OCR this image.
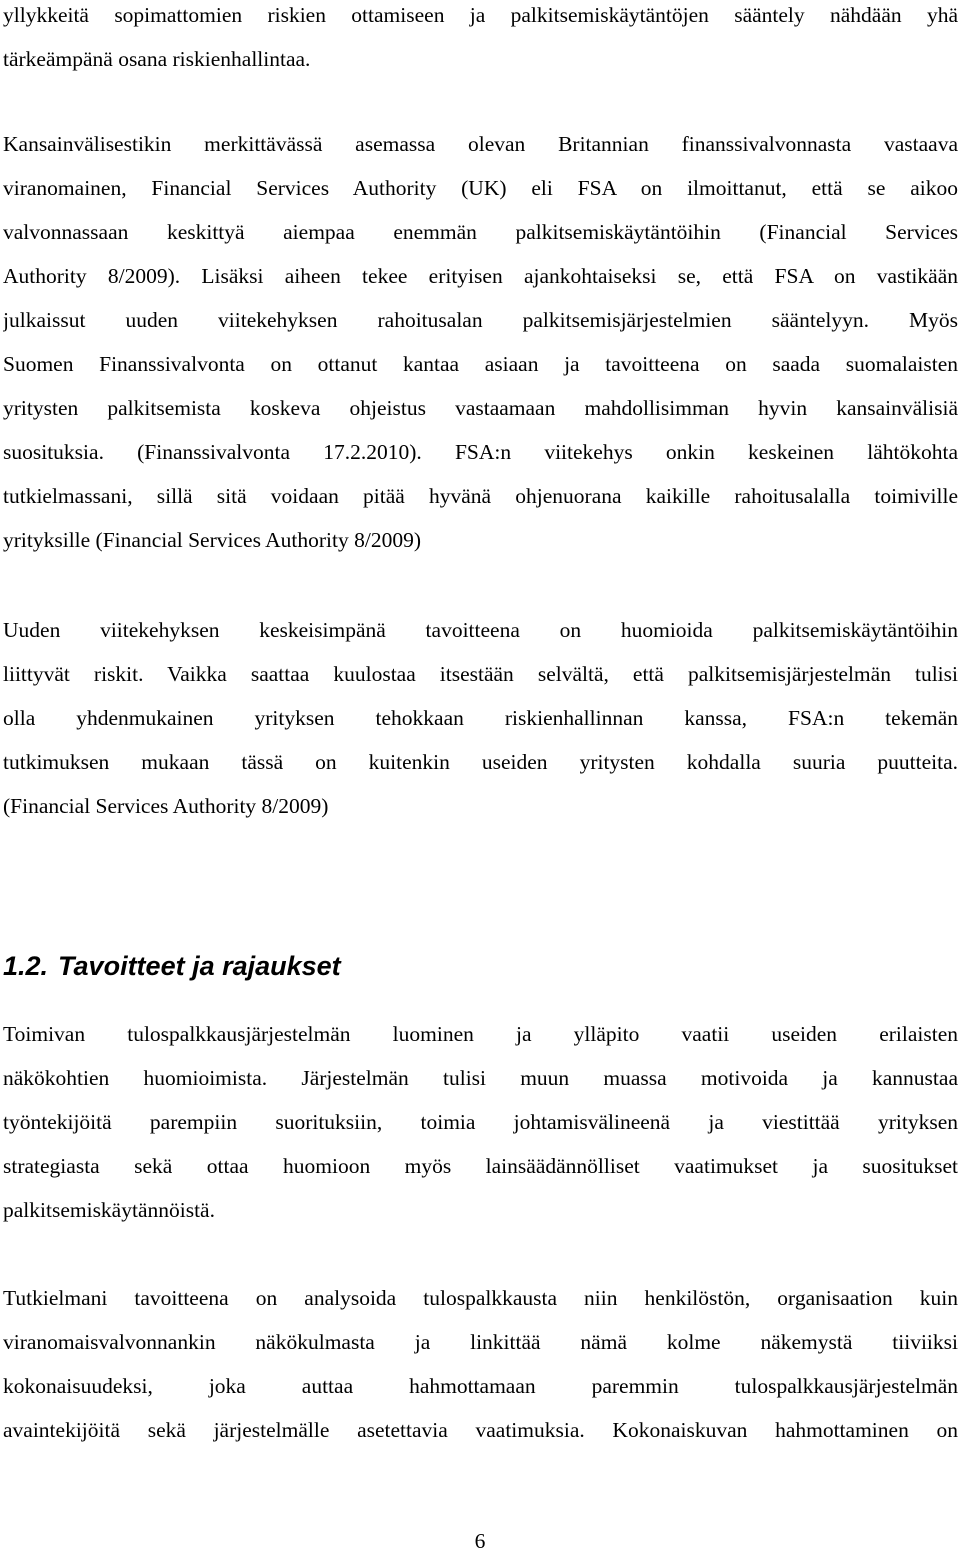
yllykkeitä sopimattomien riskien ottamiseen ja palkitsemiskäytäntöjen sääntely nähdään yhä
tärkeämpänä osana riskienhallintaa.
Kansainvälisestikin merkittävässä asemassa olevan Britannian finanssivalvonnasta vastaava
viranomainen, Financial Services Authority (UK) eli FSA on ilmoittanut, että se aikoo
valvonnassaan keskittyä aiempaa enemmän palkitsemiskäytäntöihin (Financial Services
Authority 8/2009). Lisäksi aiheen tekee erityisen ajankohtaiseksi se, että FSA on vastikään
julkaissut uuden viitekehyksen rahoitusalan palkitsemisjärjestelmien sääntelyyn. Myös
Suomen Finanssivalvonta on ottanut kantaa asiaan ja tavoitteena on saada suomalaisten
yritysten palkitsemista koskeva ohjeistus vastaamaan mahdollisimman hyvin kansainvälisiä
suosituksia. (Finanssivalvonta 17.2.2010). FSA:n viitekehys onkin keskeinen lähtökohta
tutkielmassani, sillä sitä voidaan pitää hyvänä ohjenuorana kaikille rahoitusalalla toimiville
yrityksille (Financial Services Authority 8/2009)
Uuden viitekehyksen keskeisimpänä tavoitteena on huomioida palkitsemiskäytäntöihin
liittyvät riskit. Vaikka saattaa kuulostaa itsestään selvältä, että palkitsemisjärjestelmän tulisi
olla yhdenmukainen yrityksen tehokkaan riskienhallinnan kanssa, FSA:n tekemän
tutkimuksen mukaan tässä on kuitenkin useiden yritysten kohdalla suuria puutteita.
(Financial Services Authority 8/2009)
1.2. Tavoitteet ja rajaukset
Toimivan tulospalkkausjärjestelmän luominen ja ylläpito vaatii useiden erilaisten
näkökohtien huomioimista. Järjestelmän tulisi muun muassa motivoida ja kannustaa
työntekijöitä parempiin suorituksiin, toimia johtamisvälineenä ja viestittää yrityksen
strategiasta sekä ottaa huomioon myös lainsäädännölliset vaatimukset ja suositukset
palkitsemiskäytännöistä.
Tutkielmani tavoitteena on analysoida tulospalkkausta niin henkilöstön, organisaation kuin
viranomaisvalvonnankin näkökulmasta ja linkittää nämä kolme näkemystä tiiviiksi
kokonaisuudeksi, joka auttaa hahmottamaan paremmin tulospalkkausjärjestelmän
avaintekijöitä sekä järjestelmälle asetettavia vaatimuksia. Kokonaiskuvan hahmottaminen on
6
